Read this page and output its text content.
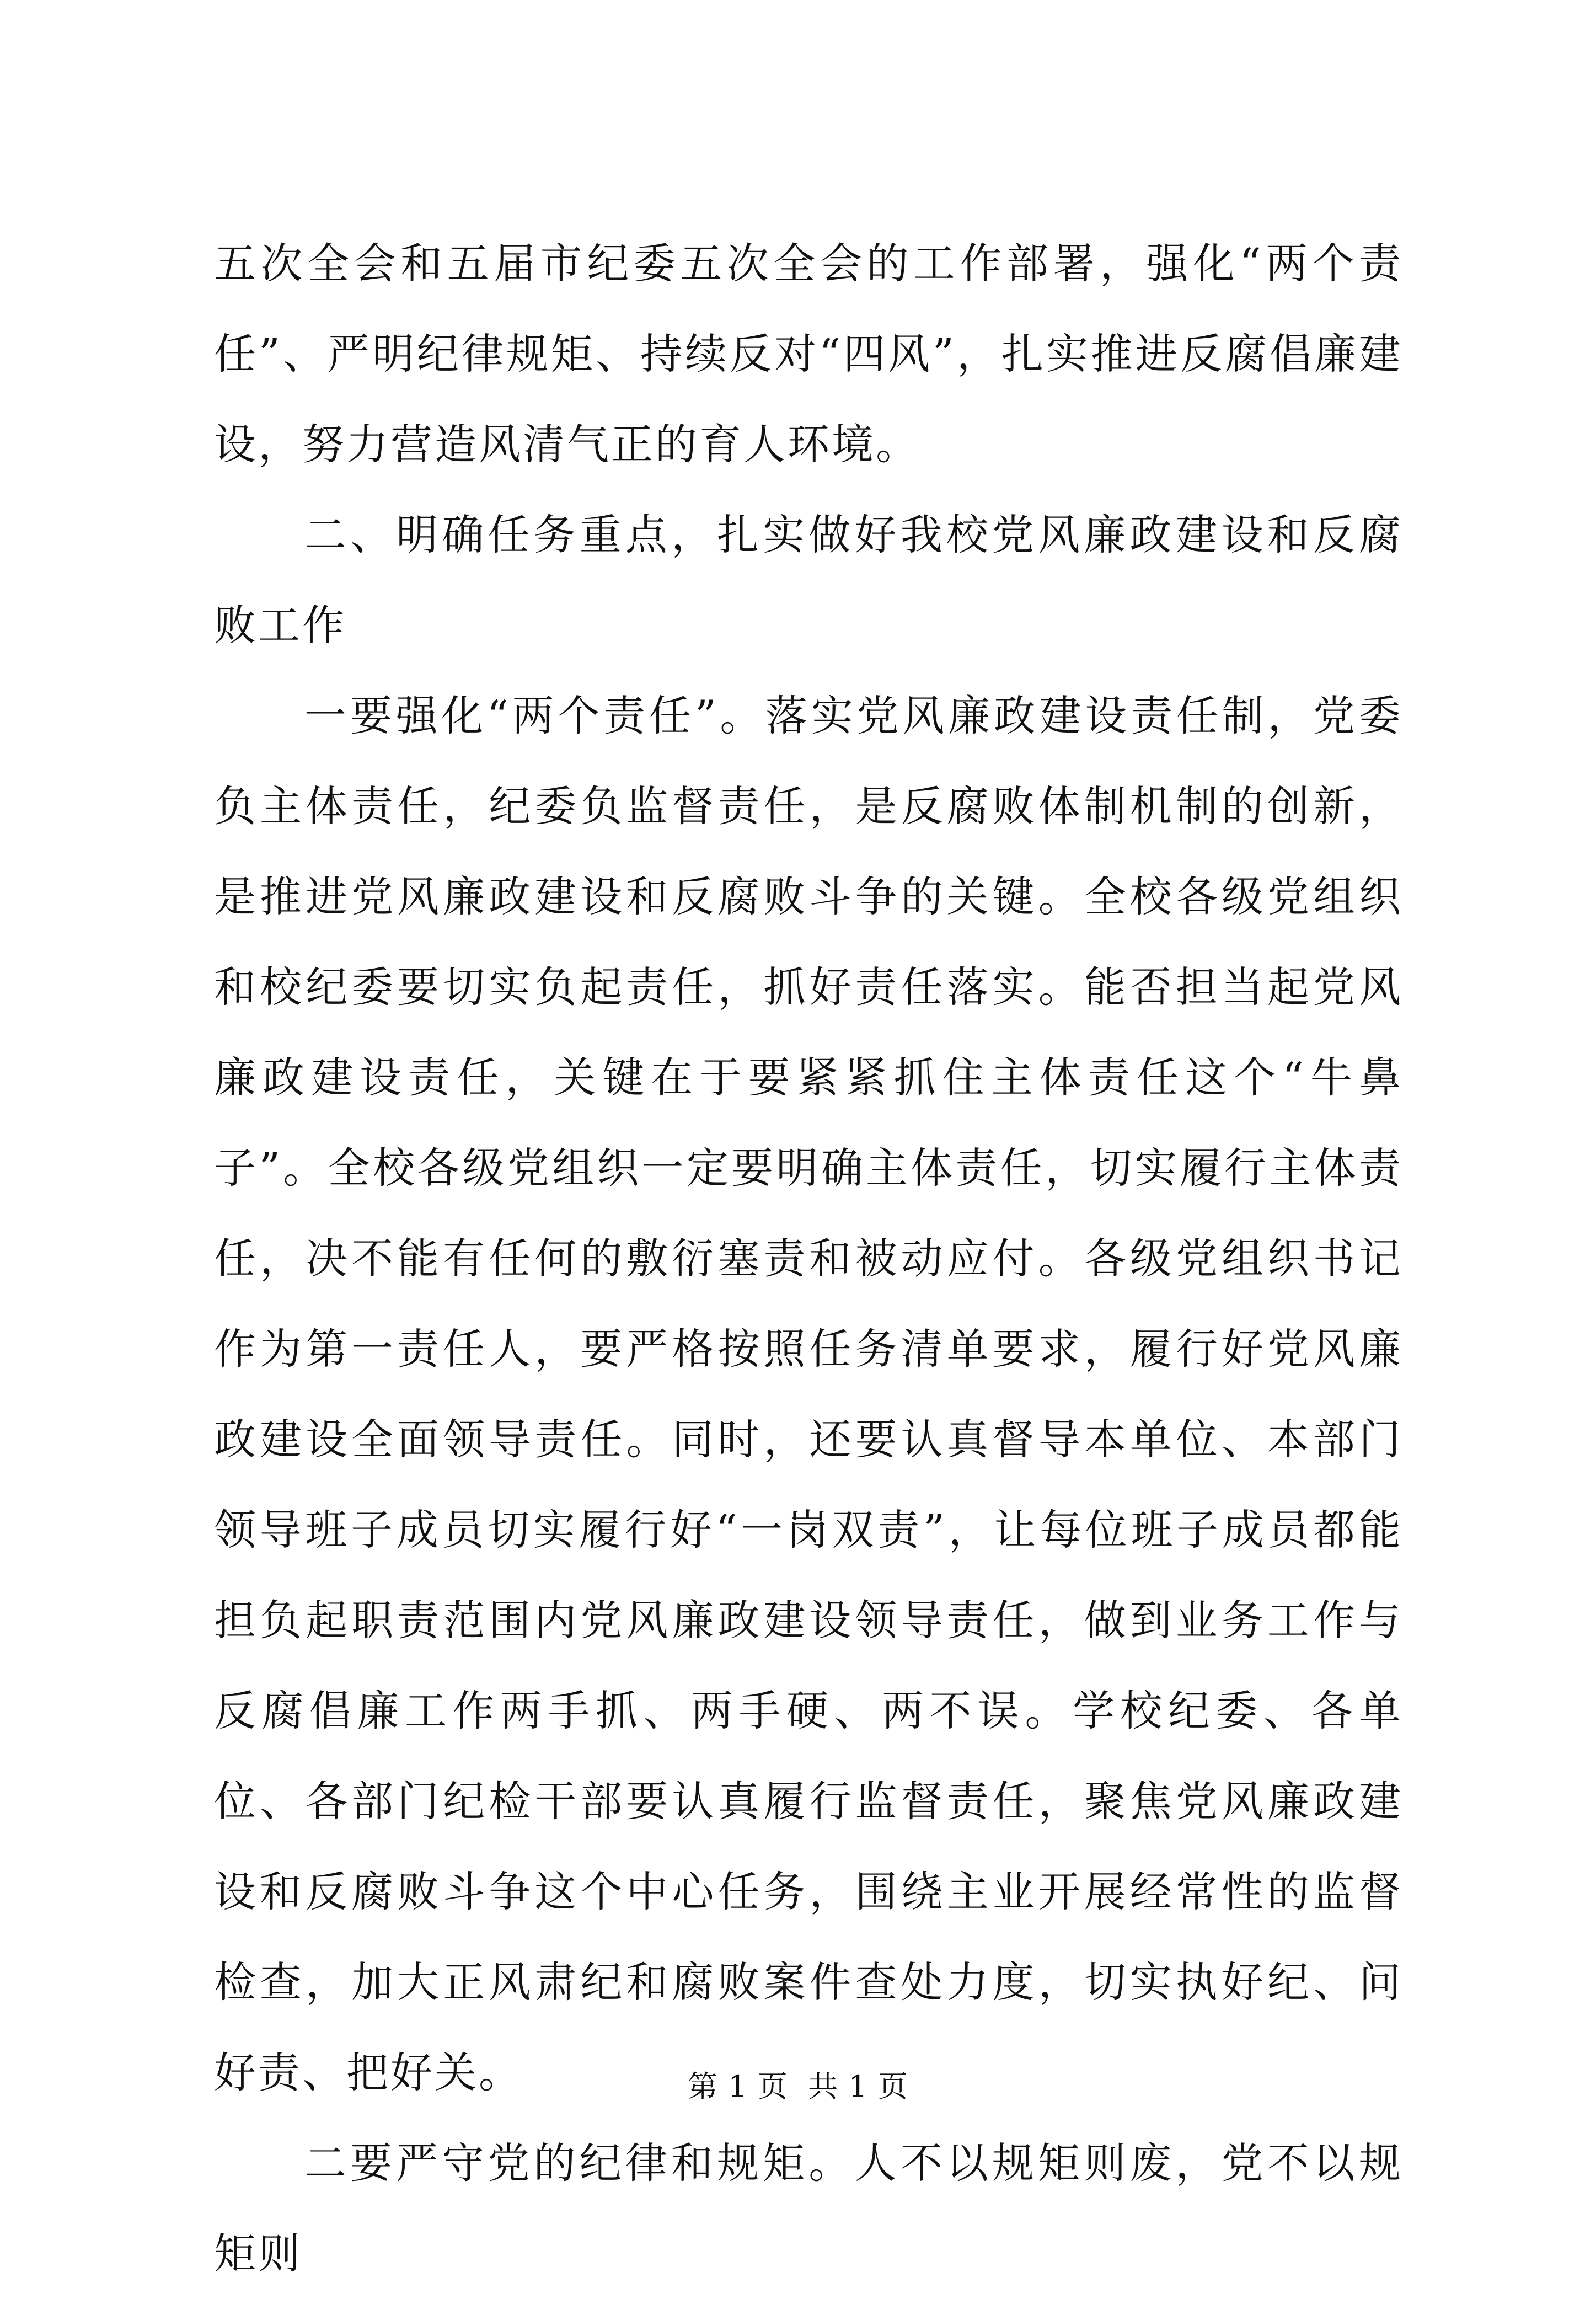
五次全会和五届市纪委五次全会的工作部署，强化“两个责任”、严明纪律规矩、持续反对“四风”，扎实推进反腐倡廉建设，努力营造风清气正的育人环境。

二、明确任务重点，扎实做好我校党风廉政建设和反腐败工作

一要强化“两个责任”。落实党风廉政建设责任制，党委负主体责任，纪委负监督责任，是反腐败体制机制的创新，是推进党风廉政建设和反腐败斗争的关键。全校各级党组织和校纪委要切实负起责任，抓好责任落实。能否担当起党风廉政建设责任，关键在于要紧紧抓住主体责任这个“牛鼻子”。全校各级党组织一定要明确主体责任，切实履行主体责任，决不能有任何的敷衍塞责和被动应付。各级党组织书记作为第一责任人，要严格按照任务清单要求，履行好党风廉政建设全面领导责任。同时，还要认真督导本单位、本部门领导班子成员切实履行好“一岗双责”，让每位班子成员都能担负起职责范围内党风廉政建设领导责任，做到业务工作与反腐倡廉工作两手抓、两手硬、两不误。学校纪委、各单位、各部门纪检干部要认真履行监督责任，聚焦党风廉政建设和反腐败斗争这个中心任务，围绕主业开展经常性的监督检查，加大正风肃纪和腐败案件查处力度，切实执好纪、问好责、把好关。

二要严守党的纪律和规矩。人不以规矩则废，党不以规矩则

第 1 页  共 1 页
